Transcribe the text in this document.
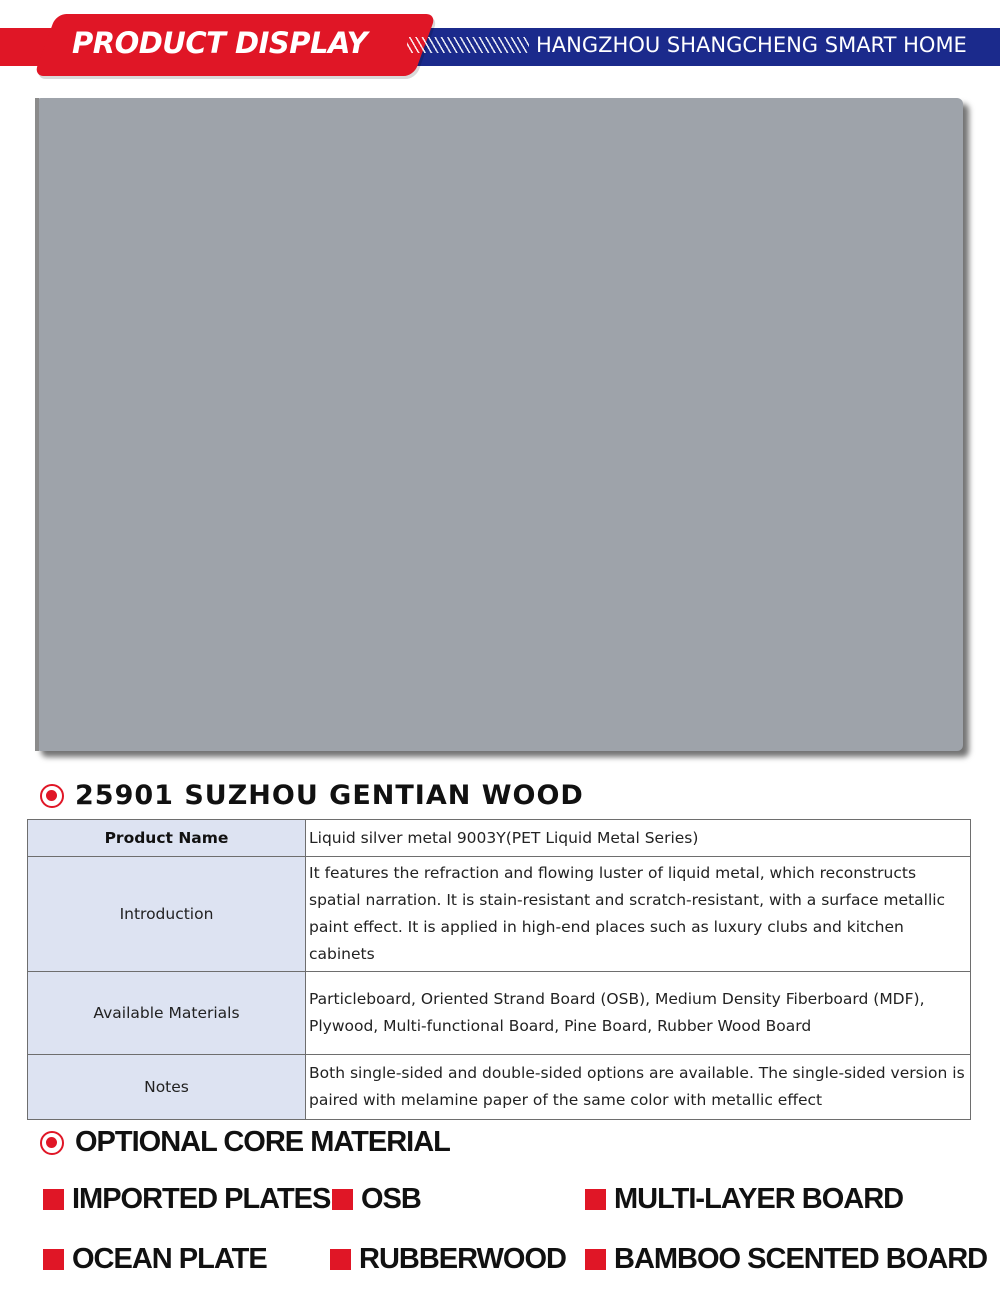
PRODUCT DISPLAY	HANGZHOU SHANGCHENG SMART HOME
25901 SUZHOU GENTIAN WOOD
Product Name	Liquid silver metal 9003Y(PET Liquid Metal Series)
Introduction	It features the refraction and flowing luster of liquid metal, which reconstructs spatial narration. It is stain-resistant and scratch-resistant, with a surface metallic paint effect. It is applied in high-end places such as luxury clubs and kitchen cabinets
Available Materials	Particleboard, Oriented Strand Board (OSB), Medium Density Fiberboard (MDF), Plywood, Multi-functional Board, Pine Board, Rubber Wood Board
Notes	Both single-sided and double-sided options are available. The single-sided version is paired with melamine paper of the same color with metallic effect
OPTIONAL CORE MATERIAL
IMPORTED PLATES OSB	MULTI-LAYER BOARD
OCEAN PLATE	RUBBERWOOD BAMBOO SCENTED BOARD
